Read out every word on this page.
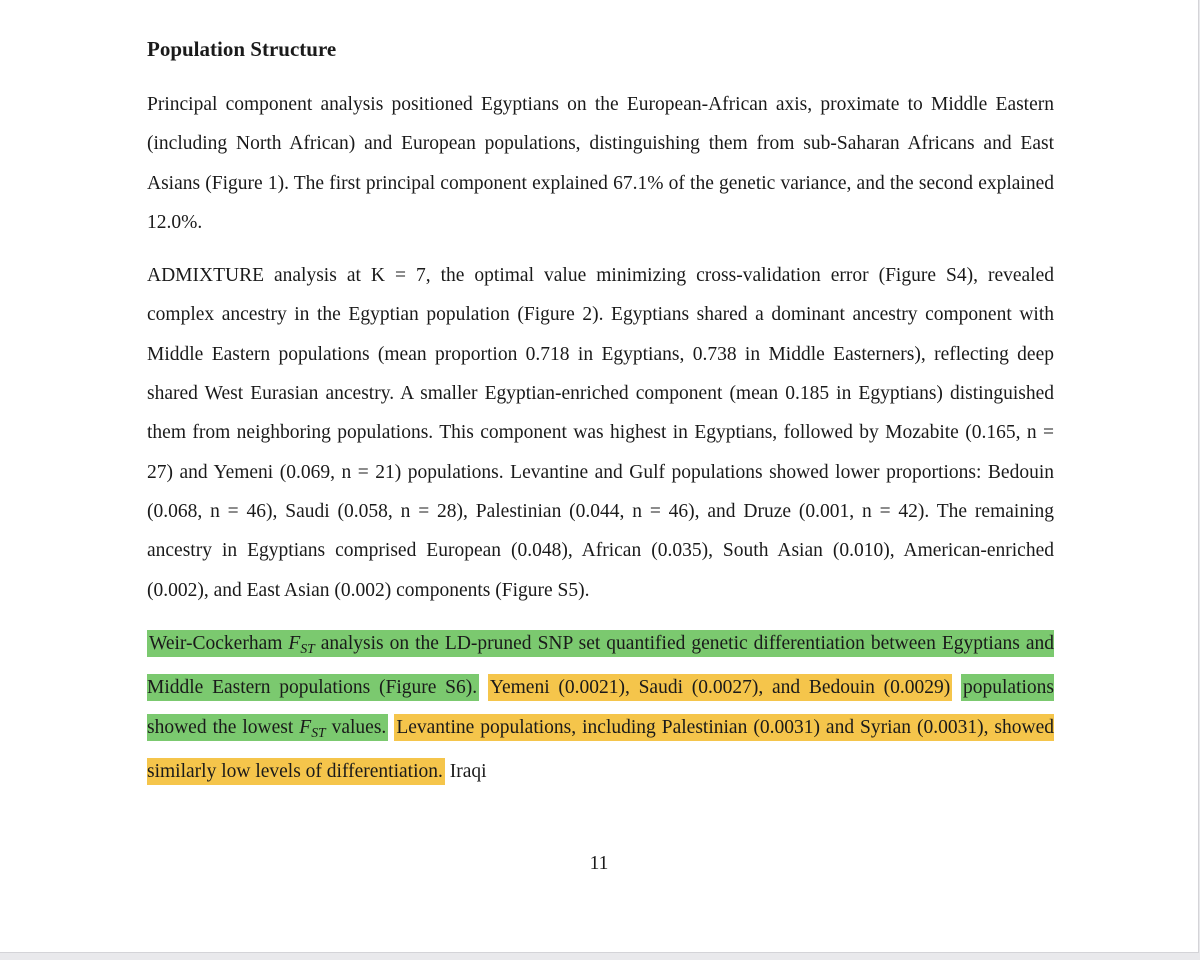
Population Structure

Principal component analysis positioned Egyptians on the European-African axis, proximate to Middle Eastern (including North African) and European populations, distinguishing them from sub-Saharan Africans and East Asians (Figure 1). The first principal component explained 67.1% of the genetic variance, and the second explained 12.0%.

ADMIXTURE analysis at K = 7, the optimal value minimizing cross-validation error (Figure S4), revealed complex ancestry in the Egyptian population (Figure 2). Egyptians shared a dominant ancestry component with Middle Eastern populations (mean proportion 0.718 in Egyptians, 0.738 in Middle Easterners), reflecting deep shared West Eurasian ancestry. A smaller Egyptian-enriched component (mean 0.185 in Egyptians) distinguished them from neighboring populations. This component was highest in Egyptians, followed by Mozabite (0.165, n = 27) and Yemeni (0.069, n = 21) populations. Levantine and Gulf populations showed lower proportions: Bedouin (0.068, n = 46), Saudi (0.058, n = 28), Palestinian (0.044, n = 46), and Druze (0.001, n = 42). The remaining ancestry in Egyptians comprised European (0.048), African (0.035), South Asian (0.010), American-enriched (0.002), and East Asian (0.002) components (Figure S5).

Weir-Cockerham $F_{ST}$ analysis on the LD-pruned SNP set quantified genetic differentiation between Egyptians and Middle Eastern populations (Figure S6). Yemeni (0.0021), Saudi (0.0027), and Bedouin (0.0029) populations showed the lowest $F_{ST}$ values. Levantine populations, including Palestinian (0.0031) and Syrian (0.0031), showed similarly low levels of differentiation. Iraqi

11
